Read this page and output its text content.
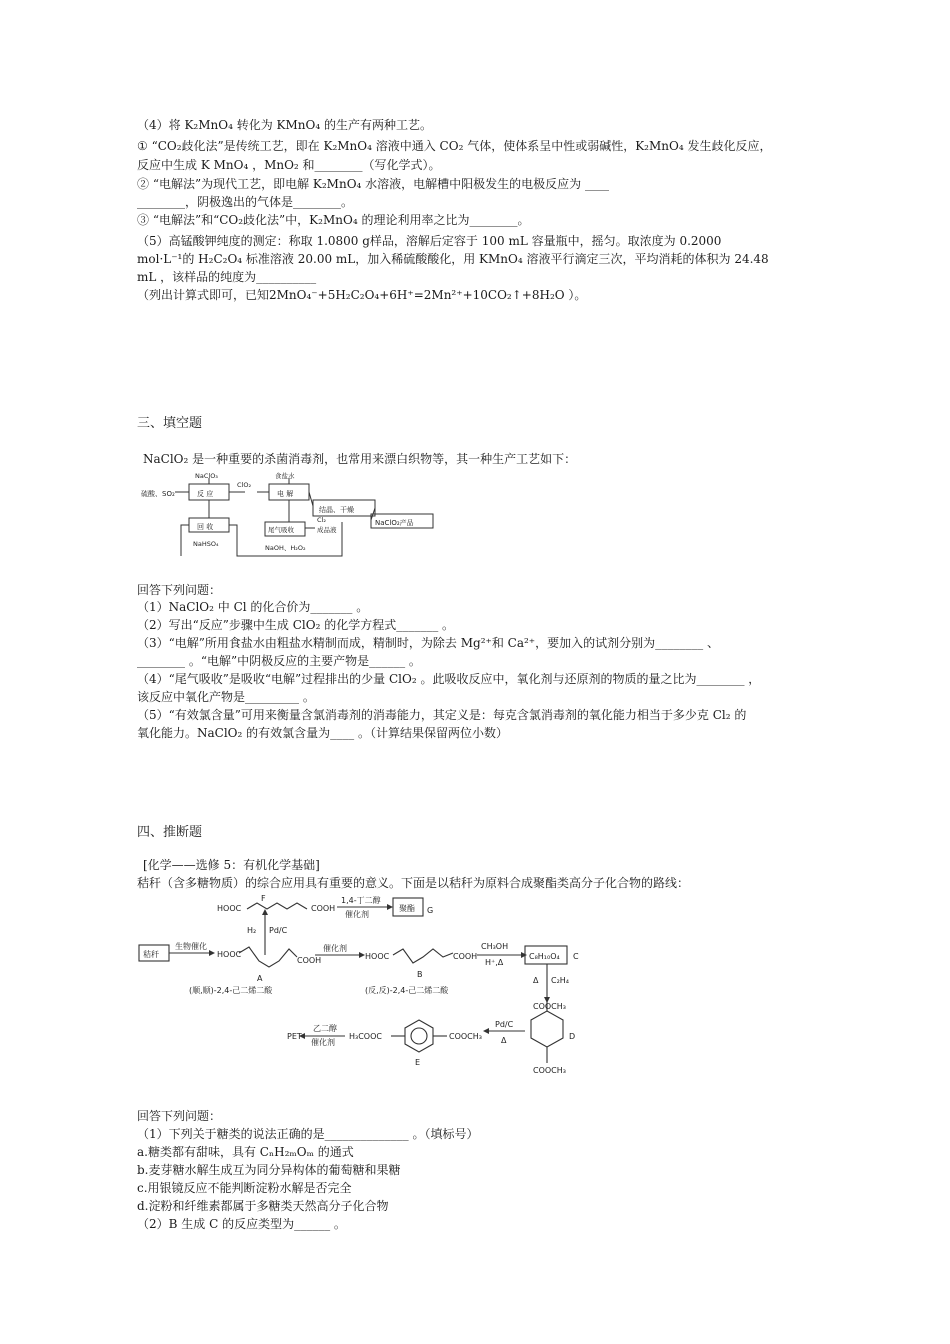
（4）将 K₂MnO₄ 转化为 KMnO₄ 的生产有两种工艺。
① “CO₂歧化法”是传统工艺，即在 K₂MnO₄ 溶液中通入 CO₂ 气体，使体系呈中性或弱碱性，K₂MnO₄ 发生歧化反应，
反应中生成 K MnO₄ ，MnO₂ 和________（写化学式）。
② “电解法”为现代工艺，即电解 K₂MnO₄ 水溶液，电解槽中阳极发生的电极反应为 ____
________，阴极逸出的气体是________。
③ “电解法”和“CO₂歧化法”中，K₂MnO₄ 的理论利用率之比为________。
（5）高锰酸钾纯度的测定：称取 1.0800 g样品，溶解后定容于 100 mL 容量瓶中，摇匀。取浓度为 0.2000
mol·L⁻¹的 H₂C₂O₄ 标准溶液 20.00 mL，加入稀硫酸酸化，用 KMnO₄ 溶液平行滴定三次，平均消耗的体积为 24.48
mL ，该样品的纯度为__________
（列出计算式即可，已知2MnO₄⁻+5H₂C₂O₄+6H⁺=2Mn²⁺+10CO₂↑+8H₂O ）。
三、填空题
NaClO₂ 是一种重要的杀菌消毒剂，也常用来漂白织物等，其一种生产工艺如下：
硫酸、SO₂
NaClO₃
反 应
ClO₂
食盐水
电 解
Cl₂
结晶、干燥
NaClO₂产品
回 收
NaHSO₄
尾气吸收	成品液
NaOH、H₂O₂
回答下列问题：
（1）NaClO₂ 中 Cl 的化合价为_______ 。
（2）写出“反应”步骤中生成 ClO₂ 的化学方程式_______ 。
（3）“电解”所用食盐水由粗盐水精制而成，精制时，为除去 Mg²⁺和 Ca²⁺，要加入的试剂分别为________ 、
________ 。“电解”中阴极反应的主要产物是______ 。
（4）“尾气吸收”是吸收“电解”过程排出的少量 ClO₂ 。此吸收反应中，氧化剂与还原剂的物质的量之比为________ ，
该反应中氧化产物是_________ 。
（5）“有效氯含量”可用来衡量含氯消毒剂的消毒能力，其定义是：每克含氯消毒剂的氧化能力相当于多少克 Cl₂ 的
氧化能力。NaClO₂ 的有效氯含量为____ 。（计算结果保留两位小数）
四、推断题
[化学——选修 5：有机化学基础]
秸秆（含多糖物质）的综合应用具有重要的意义。下面是以秸秆为原料合成聚酯类高分子化合物的路线：
HOOC	COOH
1,4-丁二醇
催化剂
聚酯 G
F
H₂ Pd/C
秸秆
生物催化
HOOC
COOH
催化剂
HOOC	COOH
A	B
(顺,顺)-2,4-己二烯二酸	(反,反)-2,4-己二烯二酸
CH₃OH
H⁺,Δ
C₈H₁₀O₄ C
Δ C₂H₄
COOCH₃
D
COOCH₃
PET
乙二醇
催化剂
H₃COOC	COOCH₃
E
Pd/C
Δ
回答下列问题：
（1）下列关于糖类的说法正确的是______________ 。（填标号）
a.糖类都有甜味，具有 CₙH₂ₘOₘ 的通式
b.麦芽糖水解生成互为同分异构体的葡萄糖和果糖
c.用银镜反应不能判断淀粉水解是否完全
d.淀粉和纤维素都属于多糖类天然高分子化合物
（2）B 生成 C 的反应类型为______ 。
